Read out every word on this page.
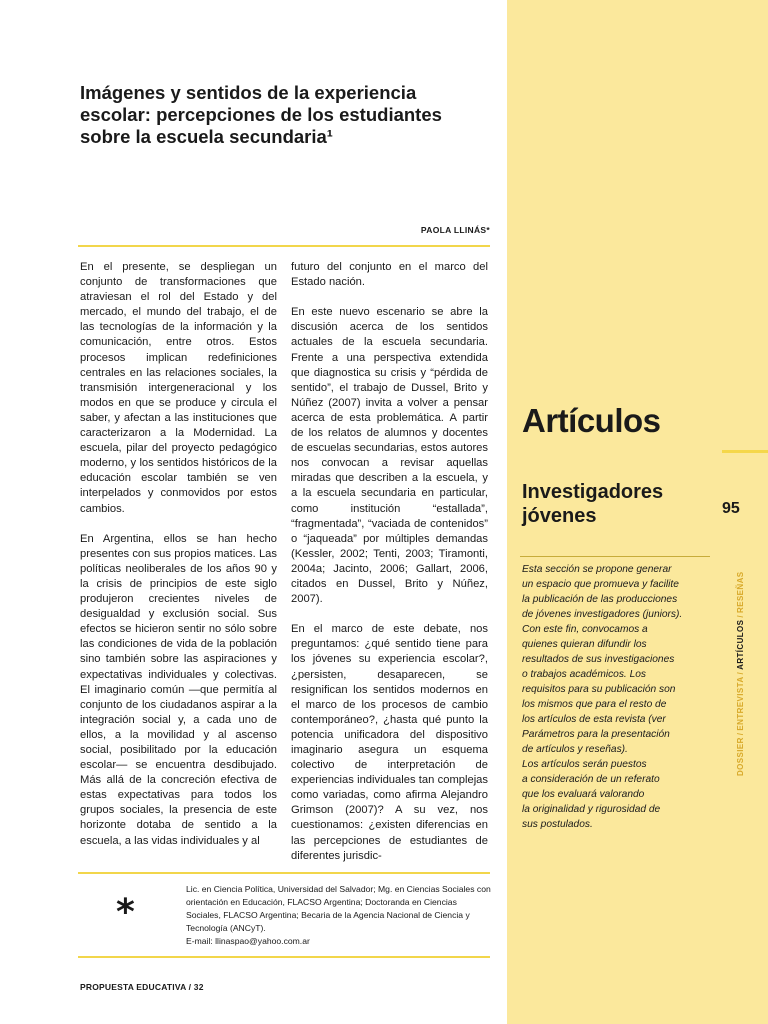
Imágenes y sentidos de la experiencia escolar: percepciones de los estudiantes sobre la escuela secundaria¹
PAOLA LLINÁS*

En el presente, se despliegan un conjunto de transformaciones que atraviesan el rol del Estado y del mercado, el mundo del trabajo, el de las tecnologías de la información y la comunicación, entre otros. Estos procesos implican redefiniciones centrales en las relaciones sociales, la transmisión intergeneracional y los modos en que se produce y circula el saber, y afectan a las instituciones que caracterizaron a la Modernidad. La escuela, pilar del proyecto pedagógico moderno, y los sentidos históricos de la educación escolar también se ven interpelados y conmovidos por estos cambios.

En Argentina, ellos se han hecho presentes con sus propios matices. Las políticas neoliberales de los años 90 y la crisis de principios de este siglo produjeron crecientes niveles de desigualdad y exclusión social. Sus efectos se hicieron sentir no sólo sobre las condiciones de vida de la población sino también sobre las aspiraciones y expectativas individuales y colectivas. El imaginario común —que permitía al conjunto de los ciudadanos aspirar a la integración social y, a cada uno de ellos, a la movilidad y al ascenso social, posibilitado por la educación escolar— se encuentra desdibujado. Más allá de la concreción efectiva de estas expectativas para todos los grupos sociales, la presencia de este horizonte dotaba de sentido a la escuela, a las vidas individuales y al

futuro del conjunto en el marco del Estado nación.

En este nuevo escenario se abre la discusión acerca de los sentidos actuales de la escuela secundaria. Frente a una perspectiva extendida que diagnostica su crisis y “pérdida de sentido”, el trabajo de Dussel, Brito y Núñez (2007) invita a volver a pensar acerca de esta problemática. A partir de los relatos de alumnos y docentes de escuelas secundarias, estos autores nos convocan a revisar aquellas miradas que describen a la escuela, y a la escuela secundaria en particular, como institución “estallada”, “fragmentada”, “vaciada de contenidos” o “jaqueada” por múltiples demandas (Kessler, 2002; Tenti, 2003; Tiramonti, 2004a; Jacinto, 2006; Gallart, 2006, citados en Dussel, Brito y Núñez, 2007).

En el marco de este debate, nos preguntamos: ¿qué sentido tiene para los jóvenes su experiencia escolar?, ¿persisten, desaparecen, se resignifican los sentidos modernos en el marco de los procesos de cambio contemporáneo?, ¿hasta qué punto la potencia unificadora del dispositivo imaginario asegura un esquema colectivo de interpretación de experiencias individuales tan complejas como variadas, como afirma Alejandro Grimson (2007)? A su vez, nos cuestionamos: ¿existen diferencias en las percepciones de estudiantes de diferentes jurisdic-

*
Lic. en Ciencia Política, Universidad del Salvador; Mg. en Ciencias Sociales con orientación en Educación, FLACSO Argentina; Doctoranda en Ciencias Sociales, FLACSO Argentina; Becaria de la Agencia Nacional de Ciencia y Tecnología (ANCyT).
E-mail: llinaspao@yahoo.com.ar
PROPUESTA EDUCATIVA / 32
Artículos
Investigadores
jóvenes	95
Esta sección se propone generar
un espacio que promueva y facilite
la publicación de las producciones
de jóvenes investigadores (juniors).
Con este fin, convocamos a
quienes quieran difundir los
resultados de sus investigaciones
o trabajos académicos. Los
requisitos para su publicación son
los mismos que para el resto de
los artículos de esta revista (ver
Parámetros para la presentación
de artículos y reseñas).
Los artículos serán puestos
a consideración de un referato
que los evaluará valorando
la originalidad y rigurosidad de
sus postulados.
DOSSIER/ENTREVISTA/ARTÍCULOS/RESEÑAS
